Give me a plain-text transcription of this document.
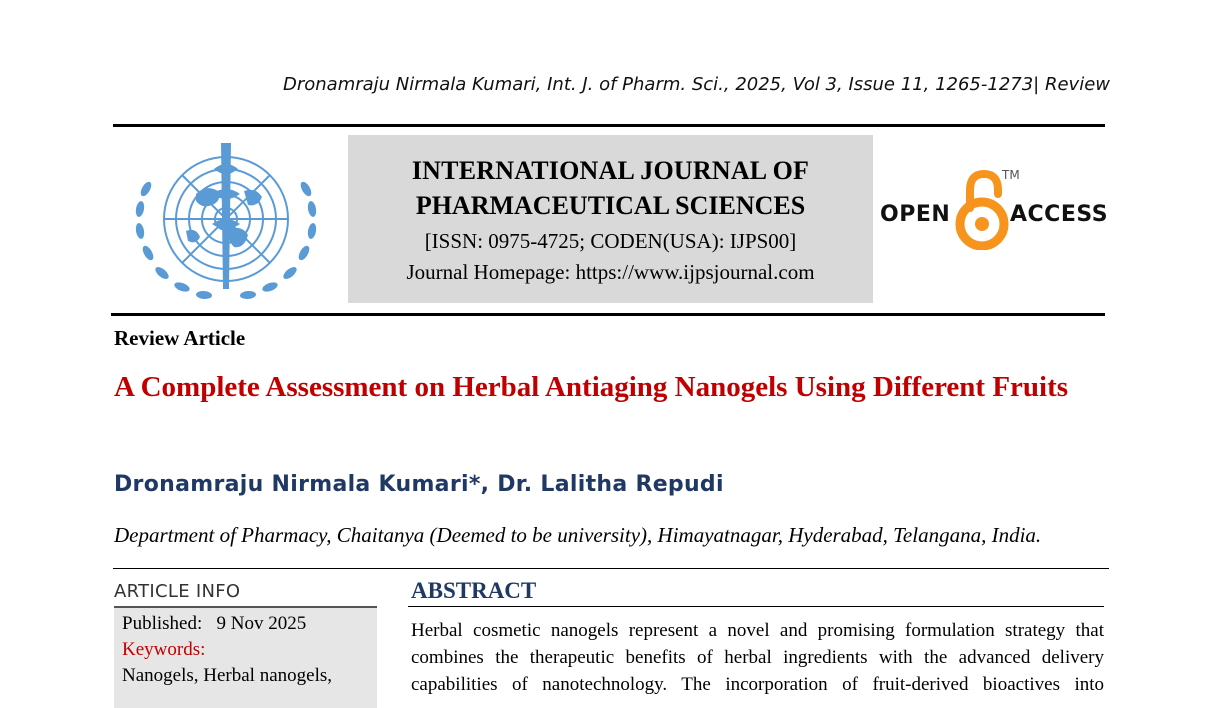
Dronamraju Nirmala Kumari, Int. J. of Pharm. Sci., 2025, Vol 3, Issue 11, 1265-1273| Review
INTERNATIONAL JOURNAL OF
PHARMACEUTICAL SCIENCES
[ISSN: 0975-4725; CODEN(USA): IJPS00]
Journal Homepage: https://www.ijpsjournal.com
OPEN
TM
ACCESS
Review Article
A Complete Assessment on Herbal Antiaging Nanogels Using Different Fruits
Dronamraju Nirmala Kumari*, Dr. Lalitha Repudi
Department of Pharmacy, Chaitanya (Deemed to be university), Himayatnagar, Hyderabad, Telangana, India.
ARTICLE INFO
Published:   9 Nov 2025
Keywords:
Nanogels, Herbal nanogels,
ABSTRACT
Herbal cosmetic nanogels represent a novel and promising formulation strategy that
combines the therapeutic benefits of herbal ingredients with the advanced delivery
capabilities of nanotechnology. The incorporation of fruit-derived bioactives into
